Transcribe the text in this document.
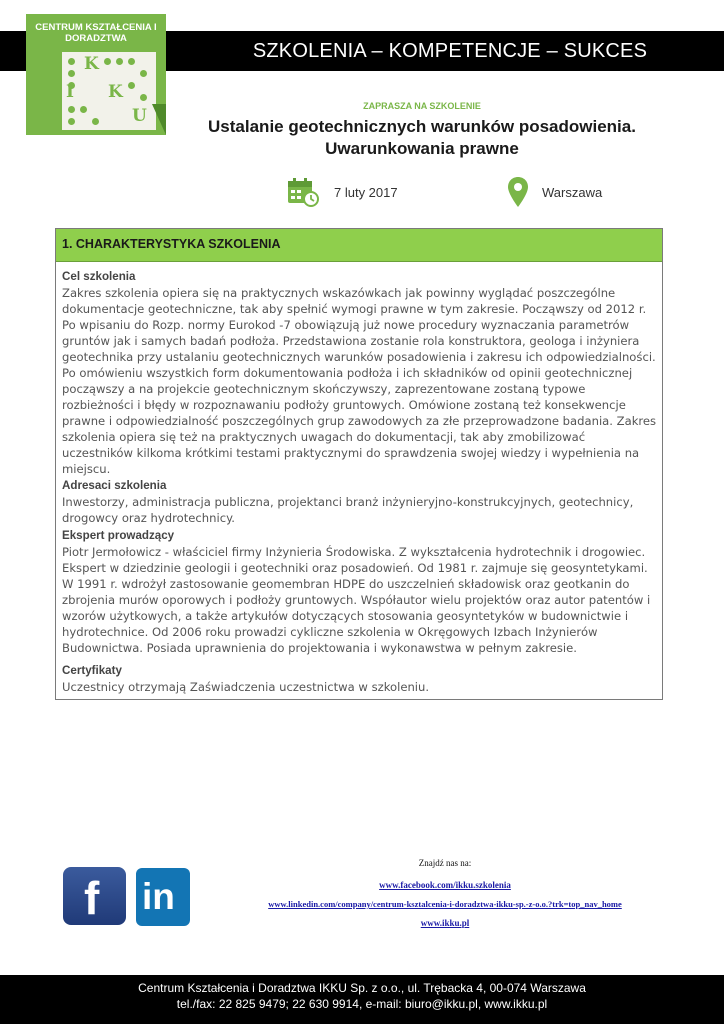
SZKOLENIA – KOMPETENCJE – SUKCES
CENTRUM KSZTAŁCENIA I DORADZTWA
I
K
K
U	ZAPRASZA NA SZKOLENIE
Ustalanie geotechnicznych warunków posadowienia.
Uwarunkowania prawne
7 luty 2017	Warszawa
1. CHARAKTERYSTYKA SZKOLENIA
Cel szkolenia

Zakres szkolenia opiera się na praktycznych wskazówkach jak powinny wyglądać poszczególne dokumentacje geotechniczne, tak aby spełnić wymogi prawne w tym zakresie. Począwszy od 2012 r. Po wpisaniu do Rozp. normy Eurokod -7 obowiązują już nowe procedury wyznaczania parametrów gruntów jak i samych badań podłoża. Przedstawiona zostanie rola konstruktora, geologa i inżyniera geotechnika przy ustalaniu geotechnicznych warunków posadowienia i zakresu ich odpowiedzialności. Po omówieniu wszystkich form dokumentowania podłoża i ich składników od opinii geotechnicznej począwszy a na projekcie geotechnicznym skończywszy, zaprezentowane zostaną typowe rozbieżności i błędy w rozpoznawaniu podłoży gruntowych. Omówione zostaną też konsekwencje prawne i odpowiedzialność poszczególnych grup zawodowych za złe przeprowadzone badania. Zakres szkolenia opiera się też na praktycznych uwagach do dokumentacji, tak aby zmobilizować uczestników kilkoma krótkimi testami praktycznymi do sprawdzenia swojej wiedzy i wypełnienia na miejscu.

Adresaci szkolenia

Inwestorzy, administracja publiczna, projektanci branż inżynieryjno-konstrukcyjnych, geotechnicy, drogowcy oraz hydrotechnicy.

Ekspert prowadzący

Piotr Jermołowicz - właściciel firmy Inżynieria Środowiska. Z wykształcenia hydrotechnik i drogowiec. Ekspert w dziedzinie geologii i geotechniki oraz posadowień. Od 1981 r. zajmuje się geosyntetykami. W 1991 r. wdrożył zastosowanie geomembran HDPE do uszczelnień składowisk oraz geotkanin do zbrojenia murów oporowych i podłoży gruntowych. Współautor wielu projektów oraz autor patentów i wzorów użytkowych, a także artykułów dotyczących stosowania geosyntetyków w budownictwie i hydrotechnice. Od 2006 roku prowadzi cykliczne szkolenia w Okręgowych Izbach Inżynierów Budownictwa. Posiada uprawnienia do projektowania i wykonawstwa w pełnym zakresie.

Certyfikaty

Uczestnicy otrzymają Zaświadczenia uczestnictwa w szkoleniu.

f in
Znajdź nas na:
www.facebook.com/ikku.szkolenia
www.linkedin.com/company/centrum-ksztalcenia-i-doradztwa-ikku-sp.-z-o.o.?trk=top_nav_home
www.ikku.pl
Centrum Kształcenia i Doradztwa IKKU Sp. z o.o., ul. Trębacka 4, 00-074 Warszawa
tel./fax: 22 825 9479; 22 630 9914, e-mail: biuro@ikku.pl, www.ikku.pl
